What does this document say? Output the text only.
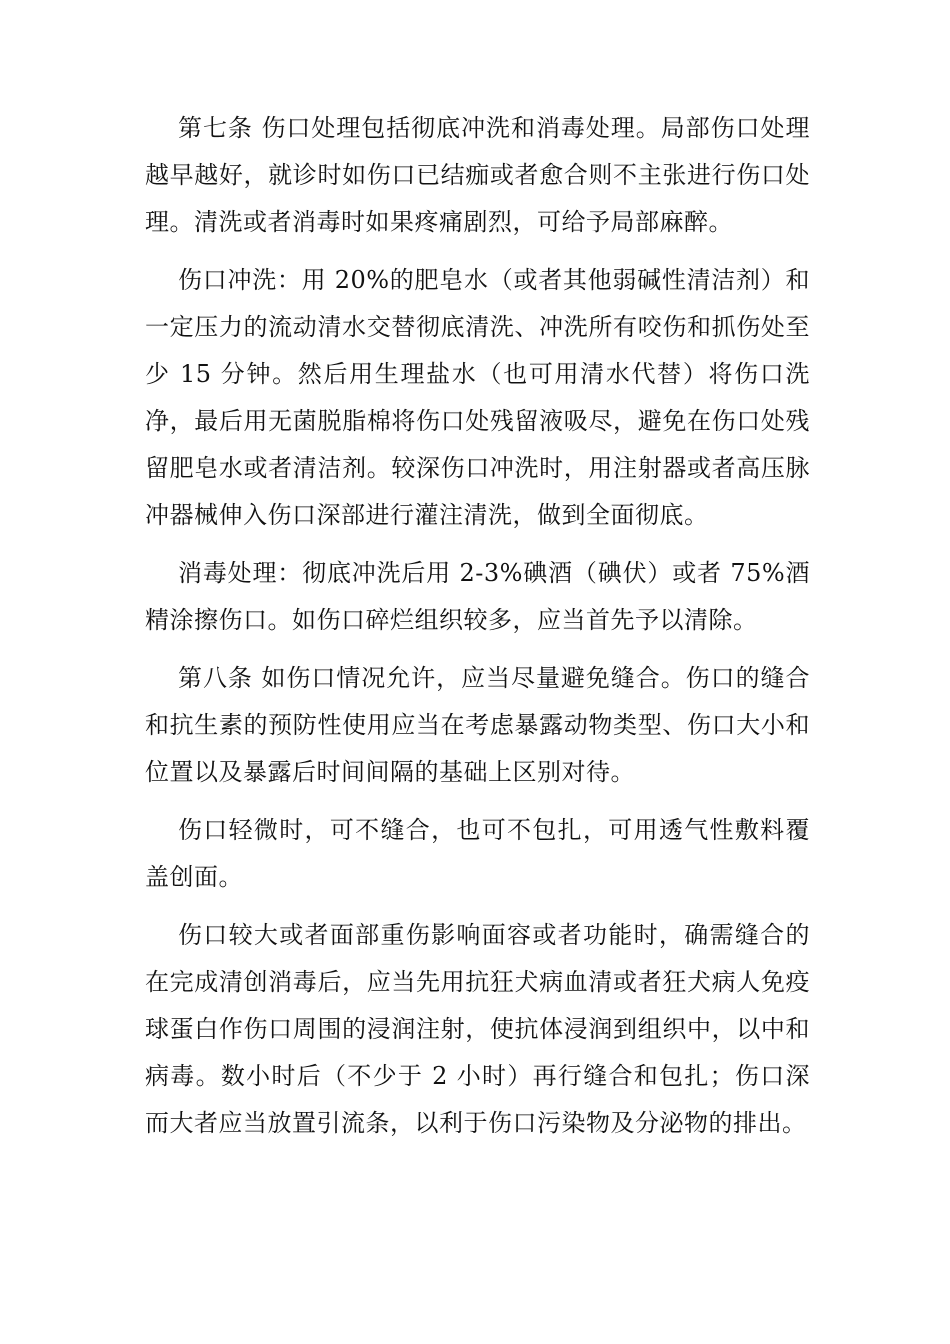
第七条 伤口处理包括彻底冲洗和消毒处理。局部伤口处理越早越好，就诊时如伤口已结痂或者愈合则不主张进行伤口处理。清洗或者消毒时如果疼痛剧烈，可给予局部麻醉。

伤口冲洗：用 20%的肥皂水（或者其他弱碱性清洁剂）和一定压力的流动清水交替彻底清洗、冲洗所有咬伤和抓伤处至少 15 分钟。然后用生理盐水（也可用清水代替）将伤口洗净，最后用无菌脱脂棉将伤口处残留液吸尽，避免在伤口处残留肥皂水或者清洁剂。较深伤口冲洗时，用注射器或者高压脉冲器械伸入伤口深部进行灌注清洗，做到全面彻底。

消毒处理：彻底冲洗后用 2-3%碘酒（碘伏）或者 75%酒精涂擦伤口。如伤口碎烂组织较多，应当首先予以清除。

第八条 如伤口情况允许，应当尽量避免缝合。伤口的缝合和抗生素的预防性使用应当在考虑暴露动物类型、伤口大小和位置以及暴露后时间间隔的基础上区别对待。

伤口轻微时，可不缝合，也可不包扎，可用透气性敷料覆盖创面。

伤口较大或者面部重伤影响面容或者功能时，确需缝合的在完成清创消毒后，应当先用抗狂犬病血清或者狂犬病人免疫球蛋白作伤口周围的浸润注射，使抗体浸润到组织中，以中和病毒。数小时后（不少于 2 小时）再行缝合和包扎；伤口深而大者应当放置引流条，以利于伤口污染物及分泌物的排出。
